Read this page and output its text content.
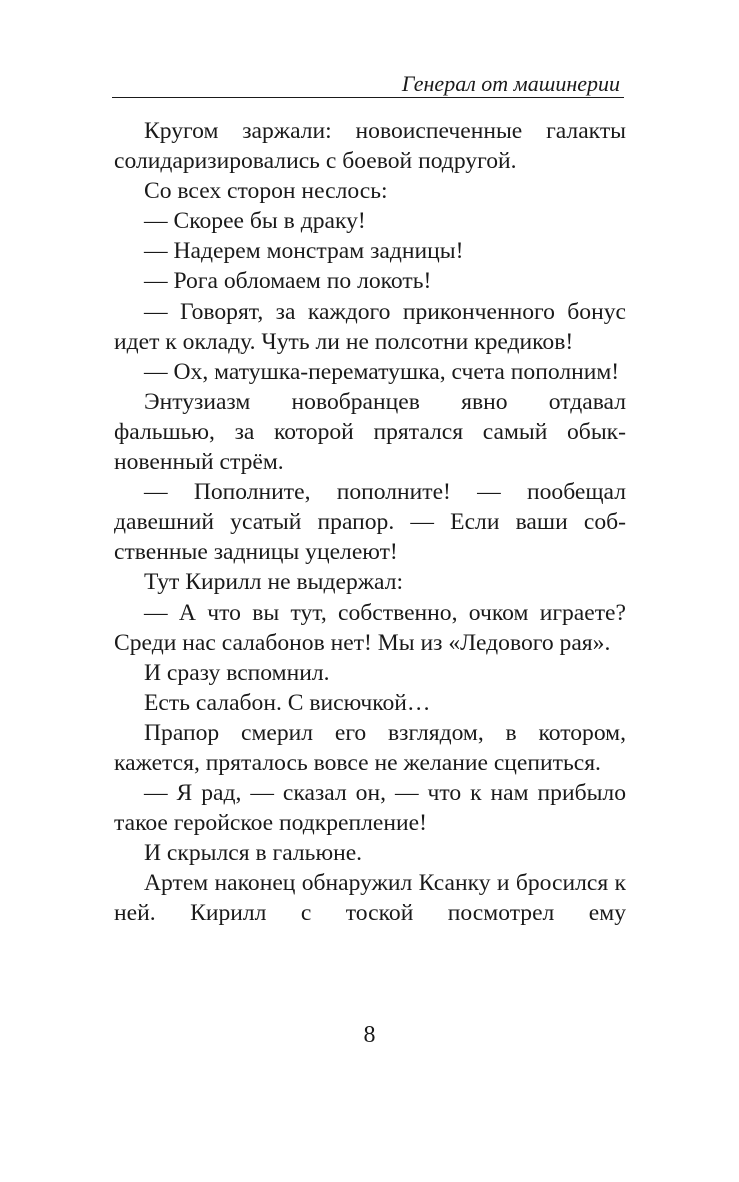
Генерал от машинерии

Кругом заржали: новоиспеченные галакты солидаризировались с боевой подругой.

Со всех сторон неслось:

— Скорее бы в драку!

— Надерем монстрам задницы!

— Рога обломаем по локоть!

— Говорят, за каждого приконченного бонус идет к окладу. Чуть ли не полсотни кредиков!

— Ох, матушка-перематушка, счета пополним!

Энтузиазм новобранцев явно отдавал фальшью, за которой прятался самый обыкновенный стрём.

— Пополните, пополните! — пообещал давешний усатый прапор. — Если ваши собственные задницы уцелеют!

Тут Кирилл не выдержал:

— А что вы тут, собственно, очком играете? Среди нас салабонов нет! Мы из «Ледового рая».

И сразу вспомнил.

Есть салабон. С висючкой…

Прапор смерил его взглядом, в котором, кажется, пряталось вовсе не желание сцепиться.

— Я рад, — сказал он, — что к нам прибыло такое геройское подкрепление!

И скрылся в гальюне.

Артем наконец обнаружил Ксанку и бросился к ней. Кирилл с тоской посмотрел ему

8
